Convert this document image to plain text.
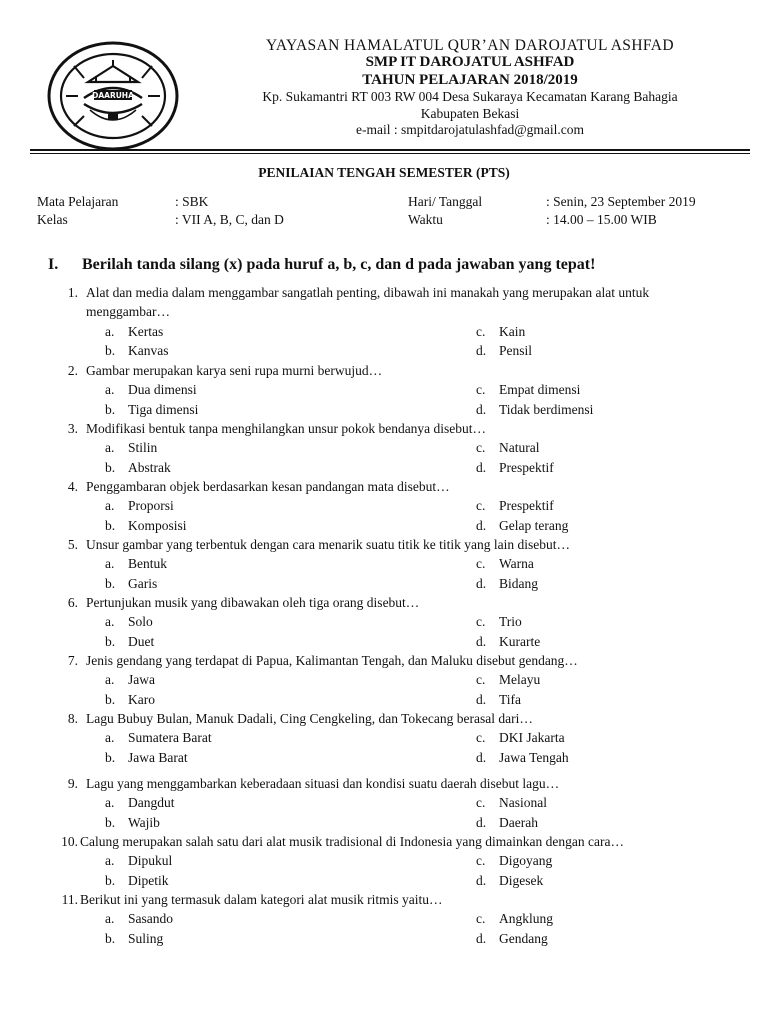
DAARUHA
YAYASAN HAMALATUL QUR’AN DAROJATUL ASHFAD
SMP IT DAROJATUL ASHFAD
TAHUN PELAJARAN 2018/2019
Kp. Sukamantri RT 003 RW 004 Desa Sukaraya Kecamatan Karang Bahagia
Kabupaten Bekasi
e-mail : smpitdarojatulashfad@gmail.com
PENILAIAN TENGAH SEMESTER (PTS)
Mata Pelajaran	: SBK
Kelas	: VII A, B, C, dan D
Hari/ Tanggal	: Senin, 23 September 2019
Waktu	: 14.00 – 15.00 WIB
I. Berilah tanda silang (x) pada huruf a, b, c, dan d pada jawaban yang tepat!
1. Alat dan media dalam menggambar sangatlah penting, dibawah ini manakah yang merupakan alat untuk
menggambar…
a. Kertas
b. Kanvas
c. Kain
d. Pensil
2. Gambar merupakan karya seni rupa murni berwujud…
a. Dua dimensi
b. Tiga dimensi
c. Empat dimensi
d. Tidak berdimensi
3. Modifikasi bentuk tanpa menghilangkan unsur pokok bendanya disebut…
a. Stilin
b. Abstrak
c. Natural
d. Prespektif
4. Penggambaran objek berdasarkan kesan pandangan mata disebut…
a. Proporsi
b. Komposisi
c. Prespektif
d. Gelap terang
5. Unsur gambar yang terbentuk dengan cara menarik suatu titik ke titik yang lain disebut…
a. Bentuk
b. Garis
c. Warna
d. Bidang
6. Pertunjukan musik yang dibawakan oleh tiga orang disebut…
a. Solo
b. Duet
c. Trio
d. Kurarte
7. Jenis gendang yang terdapat di Papua, Kalimantan Tengah, dan Maluku disebut gendang…
a. Jawa
b. Karo
c. Melayu
d. Tifa
8. Lagu Bubuy Bulan, Manuk Dadali, Cing Cengkeling, dan Tokecang berasal dari…
a. Sumatera Barat
b. Jawa Barat
c. DKI Jakarta
d. Jawa Tengah
9. Lagu yang menggambarkan keberadaan situasi dan kondisi suatu daerah disebut lagu…
a. Dangdut
b. Wajib
c. Nasional
d. Daerah
10. Calung merupakan salah satu dari alat musik tradisional di Indonesia yang dimainkan dengan cara…
a. Dipukul
b. Dipetik
c. Digoyang
d. Digesek
11. Berikut ini yang termasuk dalam kategori alat musik ritmis yaitu…
a. Sasando
b. Suling
c. Angklung
d. Gendang
